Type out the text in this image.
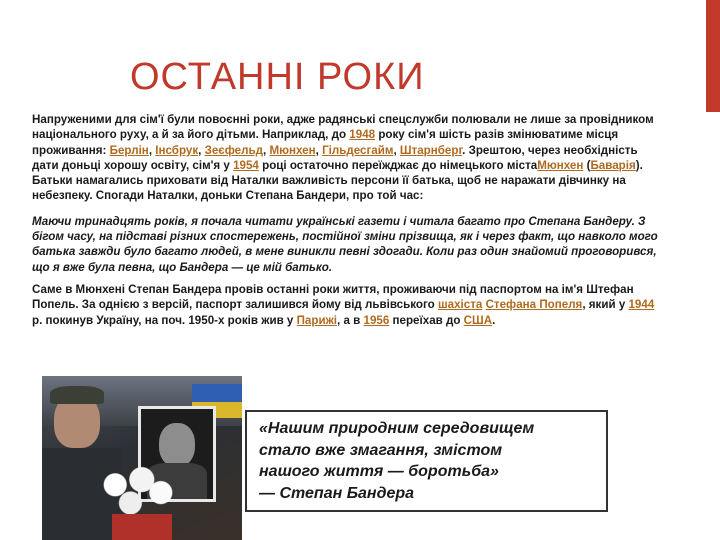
ОСТАННІ РОКИ

Напруженими для сім'ї були повоєнні роки, адже радянські спецслужби полювали не лише за провідником національного руху, а й за його дітьми. Наприклад, до 1948 року сім'я шість разів змінюватиме місця проживання: Берлін, Інсбрук, Зеєфельд, Мюнхен, Гільдесгайм, Штарнберг. Зрештою, через необхідність дати доньці хорошу освіту, сім'я у 1954 році остаточно переїжджає до німецького містаМюнхен (Баварія). Батьки намагались приховати від Наталки важливість персони її батька, щоб не наражати дівчинку на небезпеку. Спогади Наталки, доньки Степана Бандери, про той час:

Маючи тринадцять років, я почала читати українські газети і читала багато про Степана Бандеру. З бігом часу, на підставі різних спостережень, постійної зміни прізвища, як і через факт, що навколо мого батька завжди було багато людей, в мене виникли певні здогади. Коли раз один знайомий проговорився, що я вже була певна, що Бандера — це мій батько.

Саме в Мюнхені Степан Бандера провів останні роки життя, проживаючи під паспортом на ім'я Штефан Попель. За однією з версій, паспорт залишився йому від львівського шахіста Стефана Попеля, який у 1944 р. покинув Україну, на поч. 1950-х років жив у Парижі, а в 1956 переїхав до США.

«Нашим природним середовищем
стало вже змагання, змістом
нашого життя — боротьба»
— Степан Бандера
